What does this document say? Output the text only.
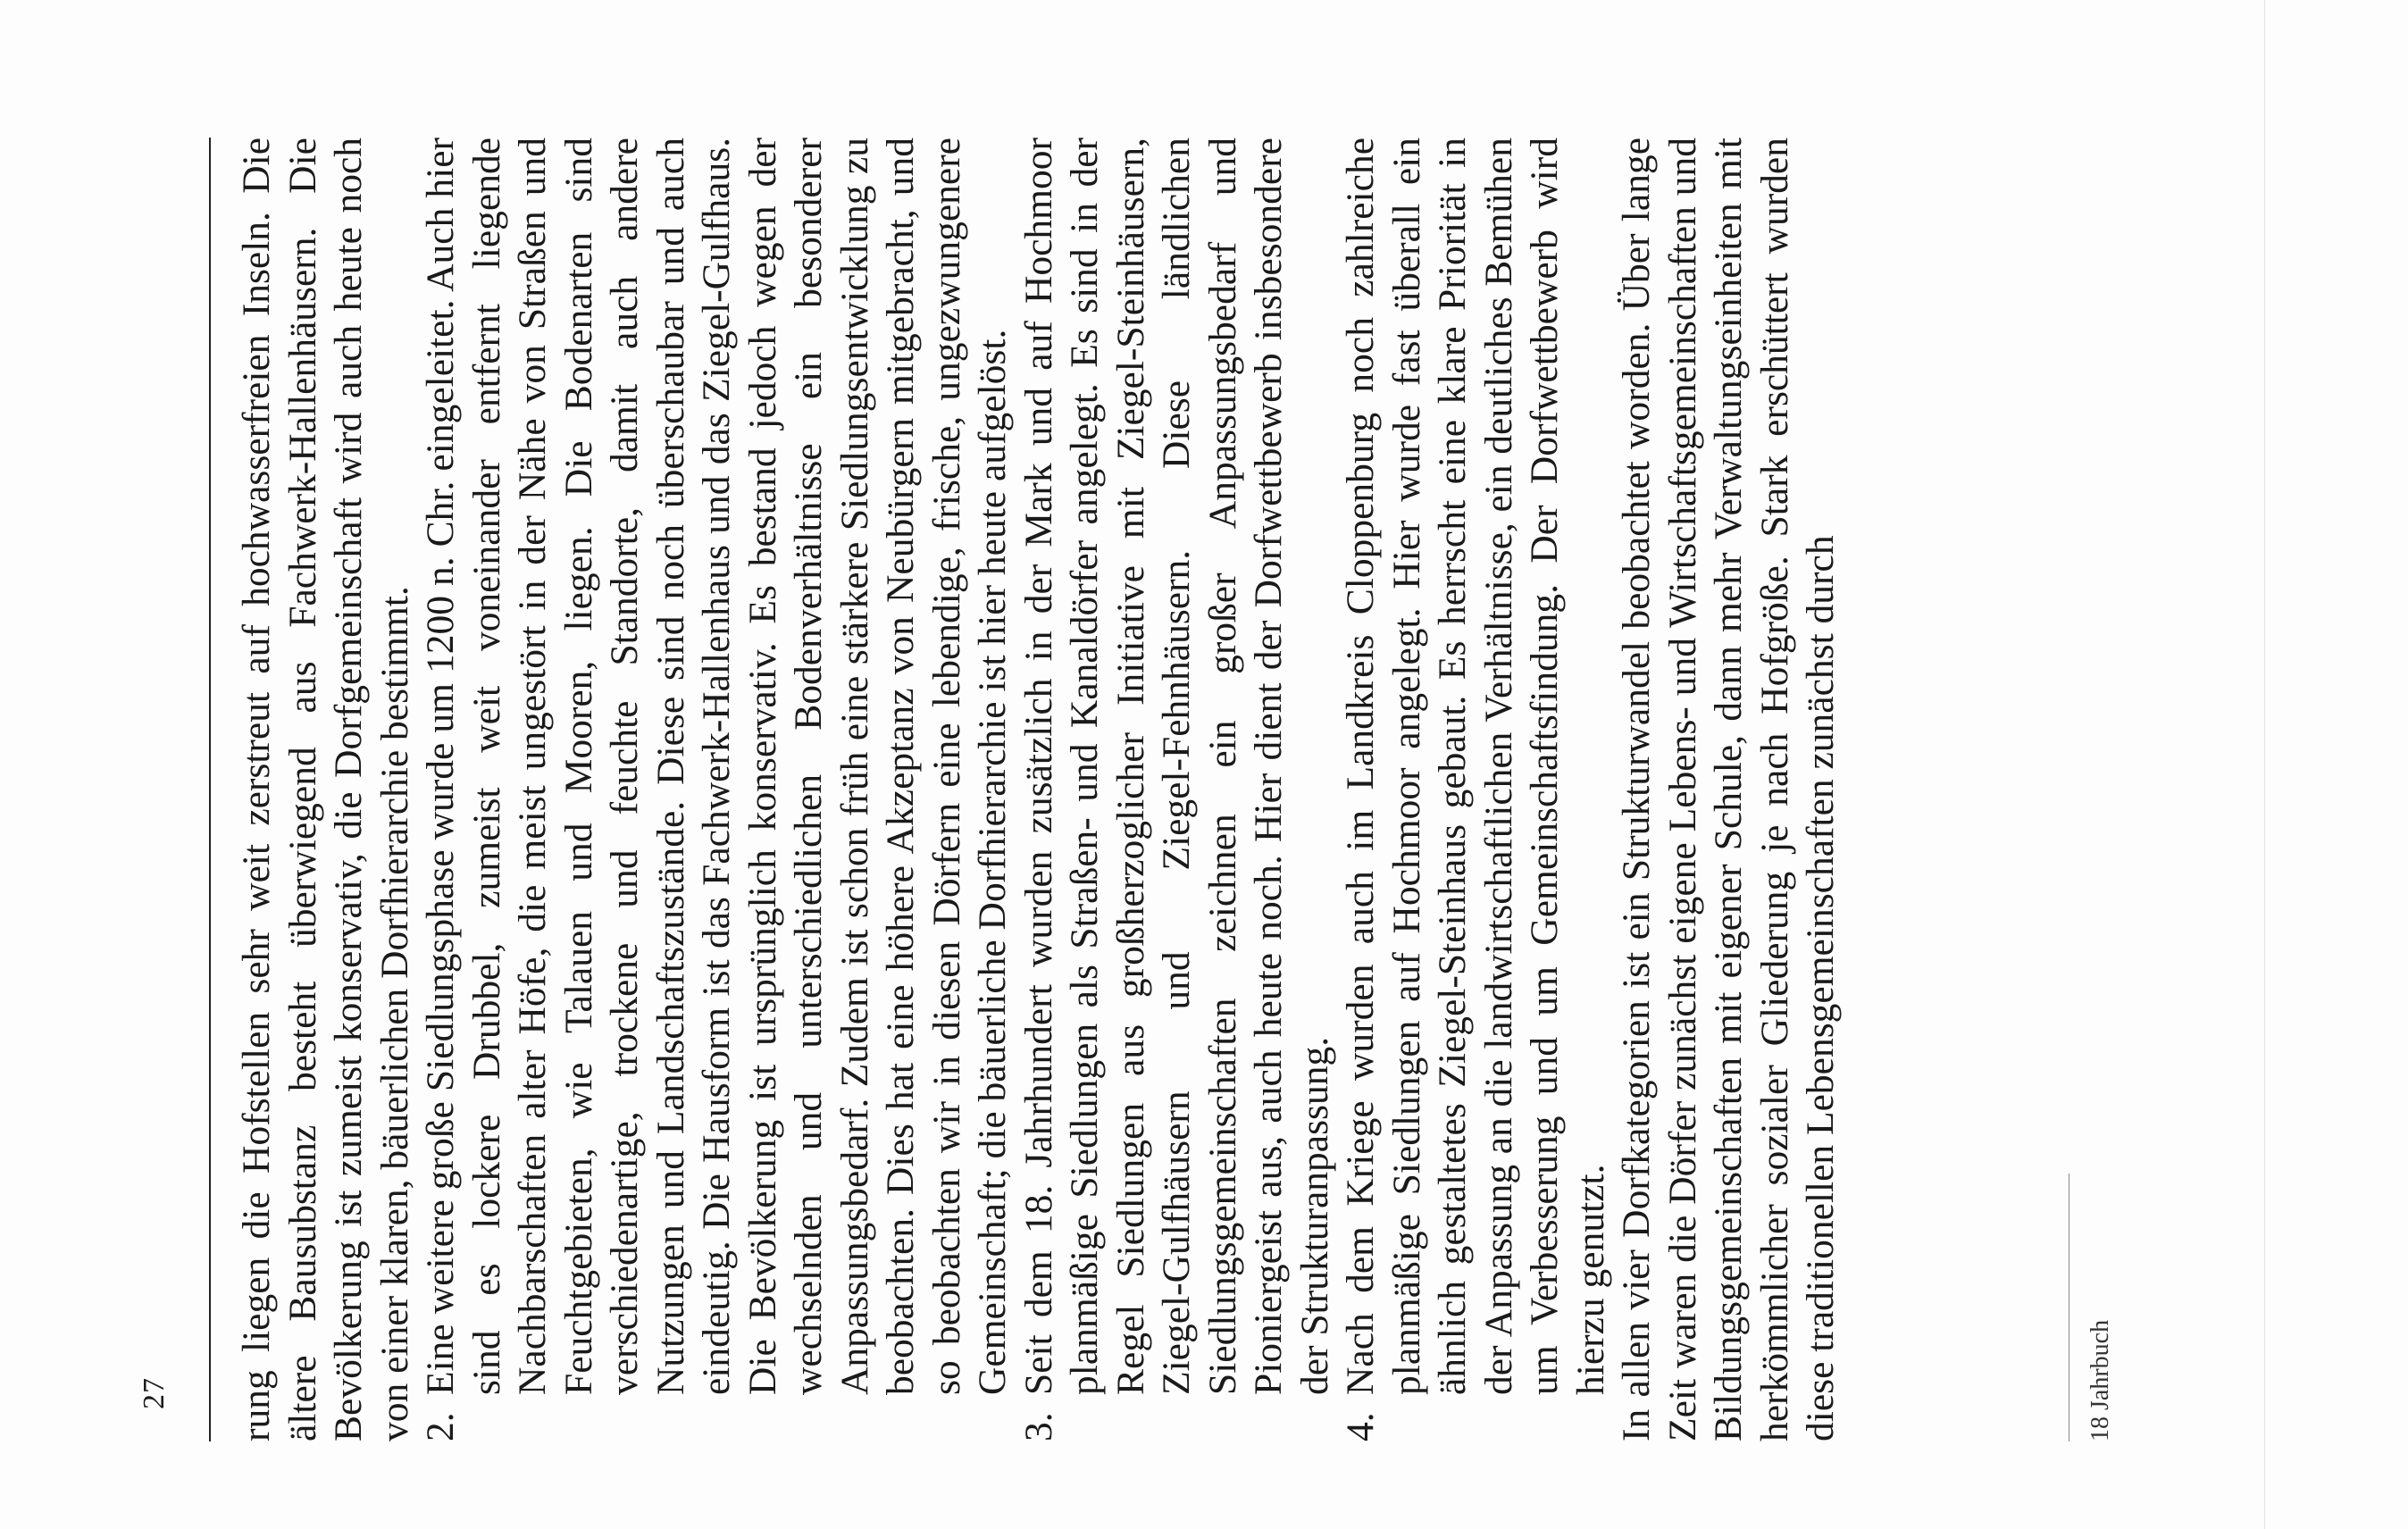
27 rung liegen die Hofstellen sehr weit zerstreut auf hochwasserfreien Inseln. Die ältere Bausubstanz besteht überwiegend aus Fachwerk-Hallenhäusern. Die Bevölkerung ist zumeist konservativ, die Dorfgemeinschaft wird auch heute noch von einer klaren, bäuerlichen Dorfhierarchie bestimmt. 2.
Eine weitere große Siedlungsphase wurde um 1200 n. Chr. eingeleitet. Auch hier sind es lockere Drubbel, zumeist weit voneinander entfernt liegende Nachbarschaften alter Höfe, die meist ungestört in der Nähe von Straßen und Feuchtgebieten, wie Talauen und Mooren, liegen. Die Bodenarten sind verschiedenartige, trockene und feuchte Standorte, damit auch andere Nutzungen und Landschaftszustände. Diese sind noch überschaubar und auch eindeutig. Die Hausform ist das Fachwerk-Hallenhaus und das Ziegel-Gulfhaus. Die Bevölkerung ist ursprünglich konservativ. Es bestand jedoch wegen der wechselnden und unterschiedlichen Bodenverhältnisse ein besonderer Anpassungsbedarf. Zudem ist schon früh eine stärkere Siedlungsentwicklung zu beobachten. Dies hat eine höhere Akzeptanz von Neubürgern mitgebracht, und so beobachten wir in diesen Dörfern eine lebendige, frische, ungezwungenere Gemeinschaft; die bäuerliche Dorfhierarchie ist hier heute aufgelöst.
3.
Seit dem 18. Jahrhundert wurden zusätzlich in der Mark und auf Hochmoor planmäßige Siedlungen als Straßen- und Kanaldörfer angelegt. Es sind in der Regel Siedlungen aus großherzoglicher Initiative mit Ziegel-Steinhäusern, Ziegel-Gulfhäusern und Ziegel-Fehnhäusern. Diese ländlichen Siedlungsgemeinschaften zeichnen ein großer Anpassungsbedarf und Pioniergeist aus, auch heute noch. Hier dient der Dorfwettbewerb insbesondere der Strukturanpassung.
4.
Nach dem Kriege wurden auch im Landkreis Cloppenburg noch zahlreiche planmäßige Siedlungen auf Hochmoor angelegt. Hier wurde fast überall ein ähnlich gestaltetes Ziegel-Steinhaus gebaut. Es herrscht eine klare Priorität in der Anpassung an die landwirtschaftlichen Verhältnisse, ein deutliches Bemühen um Verbesserung und um Gemeinschaftsfindung. Der Dorfwettbewerb wird hierzu genutzt. In allen vier Dorfkategorien ist ein Strukturwandel beobachtet worden. Über lange Zeit waren die Dörfer zunächst eigene Lebens- und Wirtschaftsgemeinschaften und Bildungsgemeinschaften mit eigener Schule, dann mehr Verwaltungseinheiten mit herkömmlicher sozialer Gliederung je nach Hofgröße. Stark erschüttert wurden diese traditionellen Lebensgemeinschaften zunächst durch	18 Jahrbuch
